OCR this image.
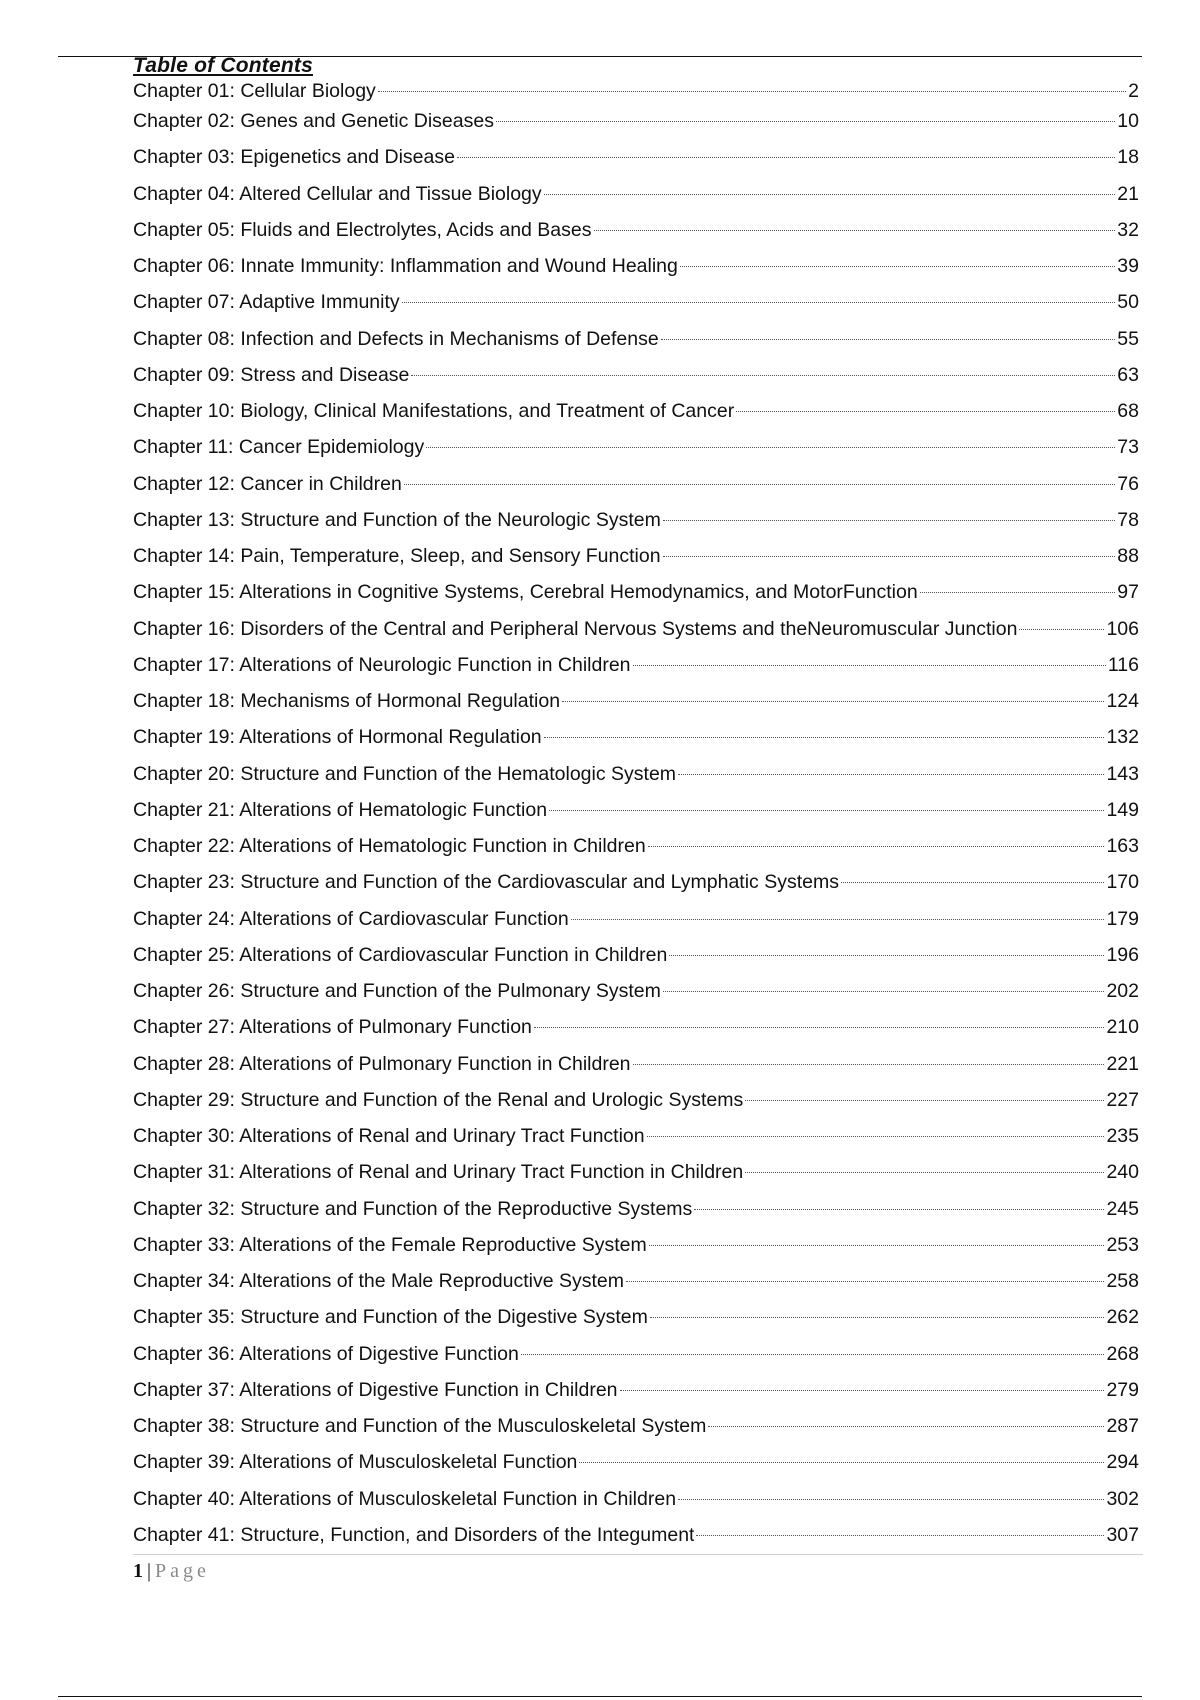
Table of Contents
Chapter 01: Cellular Biology	2
Chapter 02: Genes and Genetic Diseases	10
Chapter 03: Epigenetics and Disease	18
Chapter 04: Altered Cellular and Tissue Biology	21
Chapter 05: Fluids and Electrolytes, Acids and Bases	32
Chapter 06: Innate Immunity: Inflammation and Wound Healing	39
Chapter 07: Adaptive Immunity	50
Chapter 08: Infection and Defects in Mechanisms of Defense	55
Chapter 09: Stress and Disease	63
Chapter 10: Biology, Clinical Manifestations, and Treatment of Cancer	68
Chapter 11: Cancer Epidemiology	73
Chapter 12: Cancer in Children	76
Chapter 13: Structure and Function of the Neurologic System	78
Chapter 14: Pain, Temperature, Sleep, and Sensory Function	88
Chapter 15: Alterations in Cognitive Systems, Cerebral Hemodynamics, and MotorFunction	97
Chapter 16: Disorders of the Central and Peripheral Nervous Systems and theNeuromuscular Junction	106
Chapter 17: Alterations of Neurologic Function in Children	116
Chapter 18: Mechanisms of Hormonal Regulation	124
Chapter 19: Alterations of Hormonal Regulation	132
Chapter 20: Structure and Function of the Hematologic System	143
Chapter 21: Alterations of Hematologic Function	149
Chapter 22: Alterations of Hematologic Function in Children	163
Chapter 23: Structure and Function of the Cardiovascular and Lymphatic Systems	170
Chapter 24: Alterations of Cardiovascular Function	179
Chapter 25: Alterations of Cardiovascular Function in Children	196
Chapter 26: Structure and Function of the Pulmonary System	202
Chapter 27: Alterations of Pulmonary Function	210
Chapter 28: Alterations of Pulmonary Function in Children	221
Chapter 29: Structure and Function of the Renal and Urologic Systems	227
Chapter 30: Alterations of Renal and Urinary Tract Function	235
Chapter 31: Alterations of Renal and Urinary Tract Function in Children	240
Chapter 32: Structure and Function of the Reproductive Systems	245
Chapter 33: Alterations of the Female Reproductive System	253
Chapter 34: Alterations of the Male Reproductive System	258
Chapter 35: Structure and Function of the Digestive System	262
Chapter 36: Alterations of Digestive Function	268
Chapter 37: Alterations of Digestive Function in Children	279
Chapter 38: Structure and Function of the Musculoskeletal System	287
Chapter 39: Alterations of Musculoskeletal Function	294
Chapter 40: Alterations of Musculoskeletal Function in Children	302
Chapter 41: Structure, Function, and Disorders of the Integument	307
1 | Page
